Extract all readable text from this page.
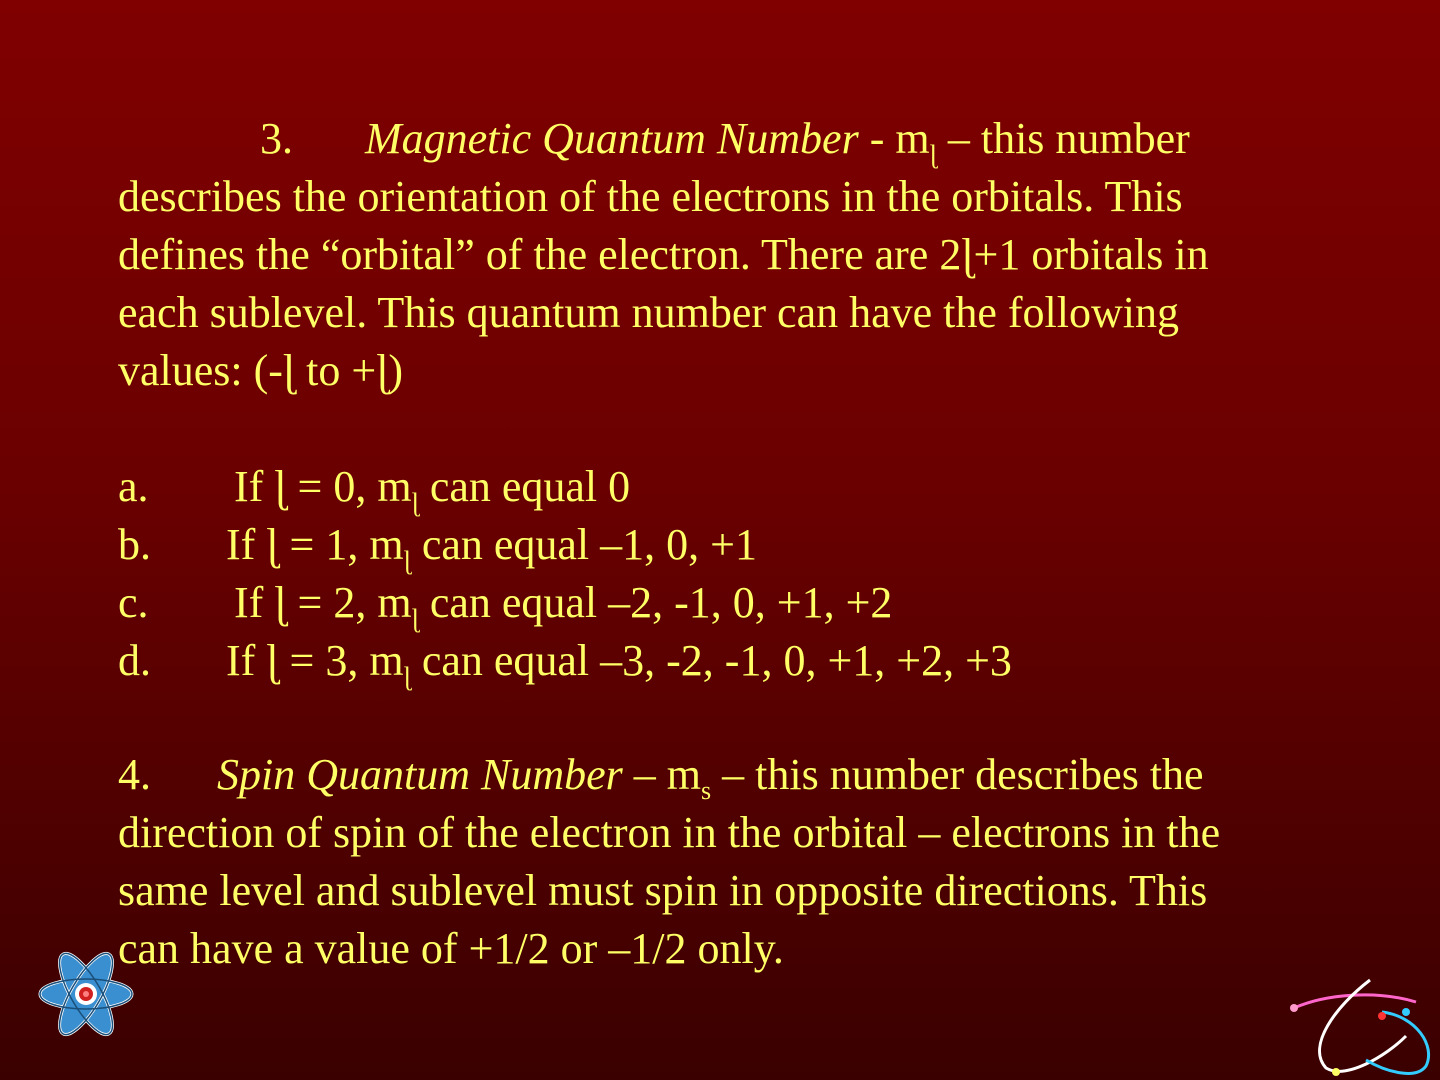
3. Magnetic Quantum Number - $m_ɭ$ – this number
describes the orientation of the electrons in the orbitals. This
defines the “orbital” of the electron. There are 2ɭ+1 orbitals in
each sublevel. This quantum number can have the following
values: (-ɭ to +ɭ)
a. If ɭ = 0, $m_ɭ$ can equal 0
b. If ɭ = 1, $m_ɭ$ can equal –1, 0, +1
c. If ɭ = 2, $m_ɭ$ can equal –2, -1, 0, +1, +2
d. If ɭ = 3, $m_ɭ$ can equal –3, -2, -1, 0, +1, +2, +3
4. Spin Quantum Number – $m_s$ – this number describes the
direction of spin of the electron in the orbital – electrons in the
same level and sublevel must spin in opposite directions. This
can have a value of +1/2 or –1/2 only.
